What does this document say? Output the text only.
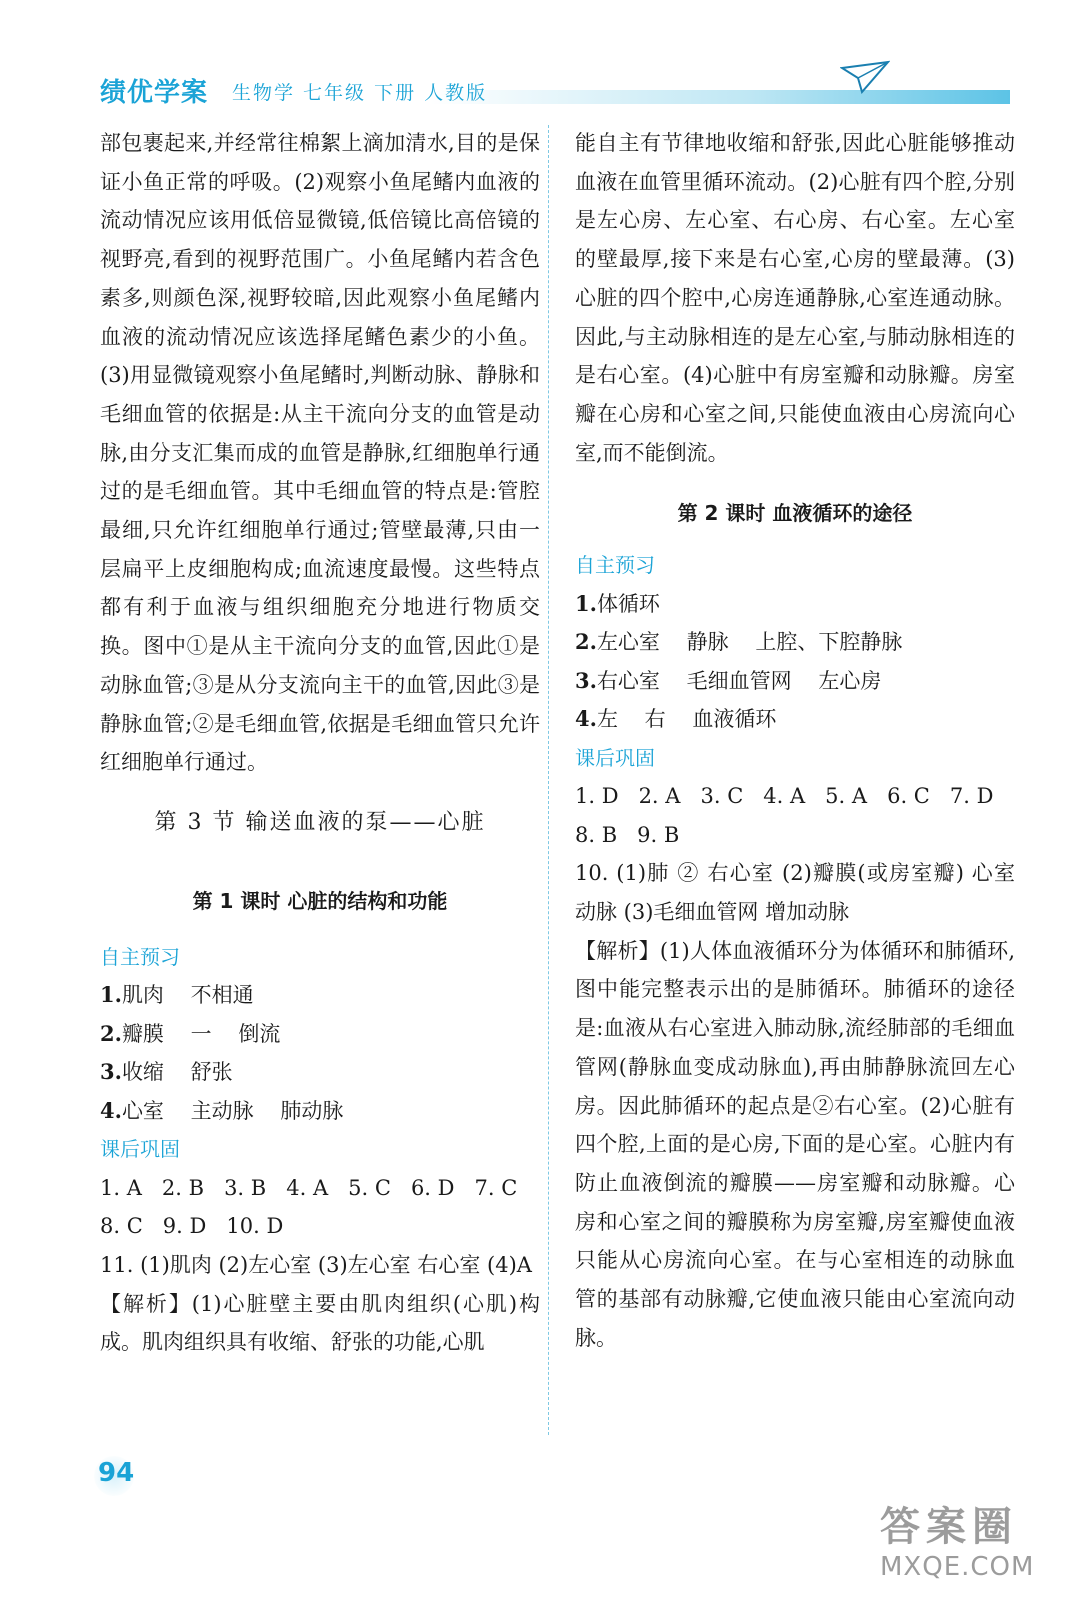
绩优学案 生物学 七年级 下册 人教版

部包裹起来,并经常往棉絮上滴加清水,目的是保证小鱼正常的呼吸。(2)观察小鱼尾鳍内血液的流动情况应该用低倍显微镜,低倍镜比高倍镜的视野亮,看到的视野范围广。小鱼尾鳍内若含色素多,则颜色深,视野较暗,因此观察小鱼尾鳍内血液的流动情况应该选择尾鳍色素少的小鱼。(3)用显微镜观察小鱼尾鳍时,判断动脉、静脉和毛细血管的依据是:从主干流向分支的血管是动脉,由分支汇集而成的血管是静脉,红细胞单行通过的是毛细血管。其中毛细血管的特点是:管腔最细,只允许红细胞单行通过;管壁最薄,只由一层扁平上皮细胞构成;血流速度最慢。这些特点都有利于血液与组织细胞充分地进行物质交换。图中①是从主干流向分支的血管,因此①是动脉血管;③是从分支流向主干的血管,因此③是静脉血管;②是毛细血管,依据是毛细血管只允许红细胞单行通过。

第 3 节 输送血液的泵——心脏

第 1 课时 心脏的结构和功能

自主预习

1.肌肉    不相通

2.瓣膜    一    倒流

3.收缩    舒张

4.心室    主动脉    肺动脉

课后巩固

1. A   2. B   3. B   4. A   5. C   6. D   7. C

8. C   9. D   10. D

11. (1)肌肉 (2)左心室 (3)左心室 右心室 (4)A

【解析】(1)心脏壁主要由肌肉组织(心肌)构成。肌肉组织具有收缩、舒张的功能,心肌

能自主有节律地收缩和舒张,因此心脏能够推动血液在血管里循环流动。(2)心脏有四个腔,分别是左心房、左心室、右心房、右心室。左心室的壁最厚,接下来是右心室,心房的壁最薄。(3)心脏的四个腔中,心房连通静脉,心室连通动脉。因此,与主动脉相连的是左心室,与肺动脉相连的是右心室。(4)心脏中有房室瓣和动脉瓣。房室瓣在心房和心室之间,只能使血液由心房流向心室,而不能倒流。

第 2 课时 血液循环的途径

自主预习

1.体循环

2.左心室    静脉    上腔、下腔静脉

3.右心室    毛细血管网    左心房

4.左    右    血液循环

课后巩固

1. D   2. A   3. C   4. A   5. A   6. C   7. D

8. B   9. B

10. (1)肺 ② 右心室 (2)瓣膜(或房室瓣) 心室 动脉 (3)毛细血管网 增加动脉

【解析】(1)人体血液循环分为体循环和肺循环,图中能完整表示出的是肺循环。肺循环的途径是:血液从右心室进入肺动脉,流经肺部的毛细血管网(静脉血变成动脉血),再由肺静脉流回左心房。因此肺循环的起点是②右心室。(2)心脏有四个腔,上面的是心房,下面的是心室。心脏内有防止血液倒流的瓣膜——房室瓣和动脉瓣。心房和心室之间的瓣膜称为房室瓣,房室瓣使血液只能从心房流向心室。在与心室相连的动脉血管的基部有动脉瓣,它使血液只能由心室流向动脉。

94
答案圈
MXQE.COM
